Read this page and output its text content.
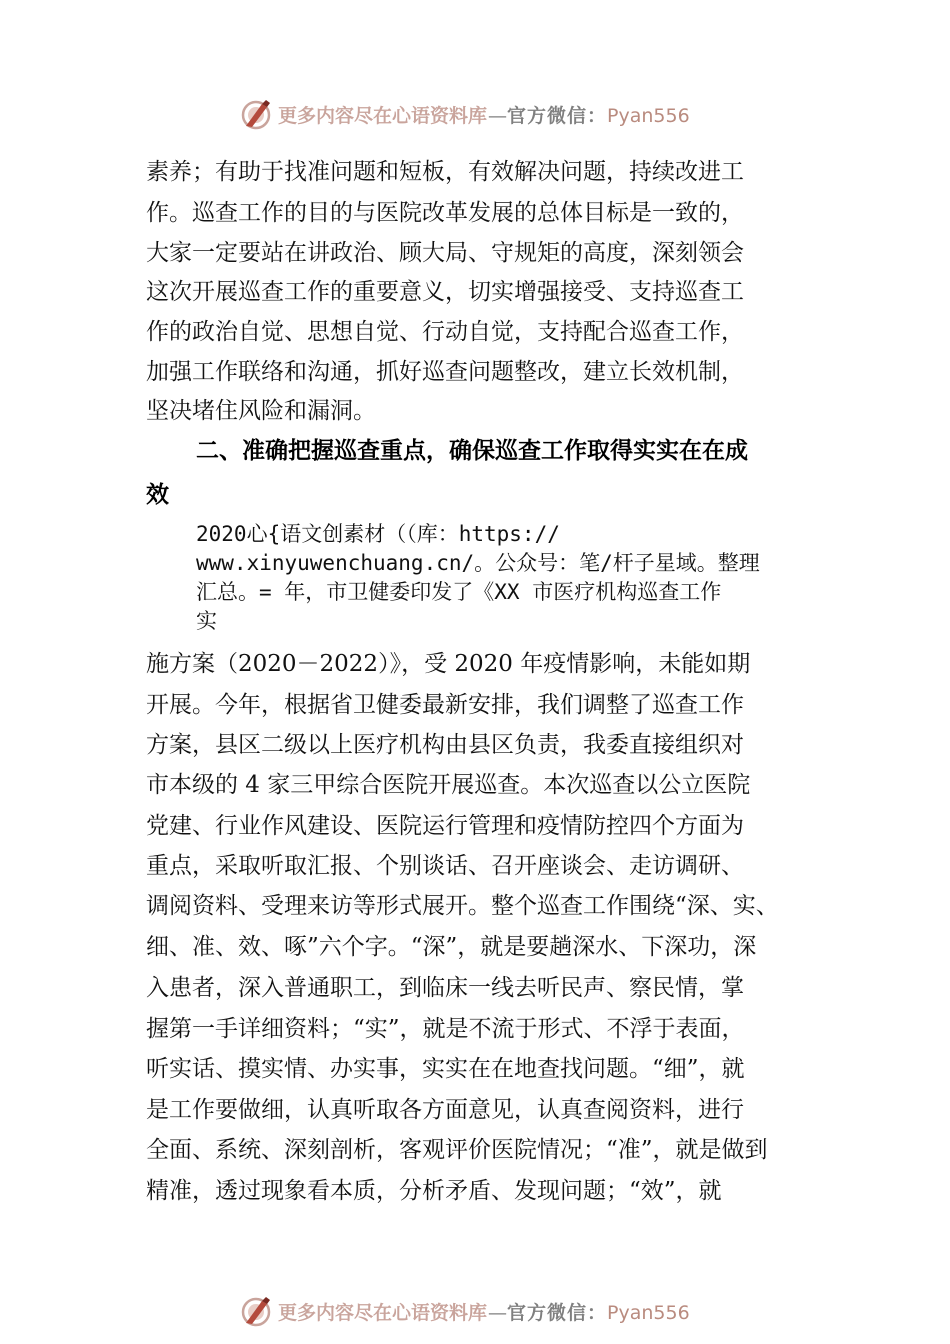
更多内容尽在心语资料库—官方微信：Pyan556
素养；有助于找准问题和短板，有效解决问题，持续改进工
作。巡查工作的目的与医院改革发展的总体目标是一致的，
大家一定要站在讲政治、顾大局、守规矩的高度，深刻领会
这次开展巡查工作的重要意义，切实增强接受、支持巡查工
作的政治自觉、思想自觉、行动自觉，支持配合巡查工作，
加强工作联络和沟通，抓好巡查问题整改，建立长效机制，
坚决堵住风险和漏洞。
二、准确把握巡查重点，确保巡查工作取得实实在在成
效
2020心{语文创素材（（库：https://
www.xinyuwenchuang.cn/。公众号：笔/杆子星域。整理
汇总。= 年，市卫健委印发了《XX 市医疗机构巡查工作
实
施方案（2020－2022）》，受 2020 年疫情影响，未能如期
开展。今年，根据省卫健委最新安排，我们调整了巡查工作
方案，县区二级以上医疗机构由县区负责，我委直接组织对
市本级的 4 家三甲综合医院开展巡查。本次巡查以公立医院
党建、行业作风建设、医院运行管理和疫情防控四个方面为
重点，采取听取汇报、个别谈话、召开座谈会、走访调研、
调阅资料、受理来访等形式展开。整个巡查工作围绕“深、实、
细、准、效、啄”六个字。“深”，就是要趟深水、下深功，深
入患者，深入普通职工，到临床一线去听民声、察民情，掌
握第一手详细资料；“实”，就是不流于形式、不浮于表面，
听实话、摸实情、办实事，实实在在地查找问题。“细”，就
是工作要做细，认真听取各方面意见，认真查阅资料，进行
全面、系统、深刻剖析，客观评价医院情况；“准”，就是做到
精准，透过现象看本质，分析矛盾、发现问题；“效”，就
更多内容尽在心语资料库—官方微信：Pyan556
